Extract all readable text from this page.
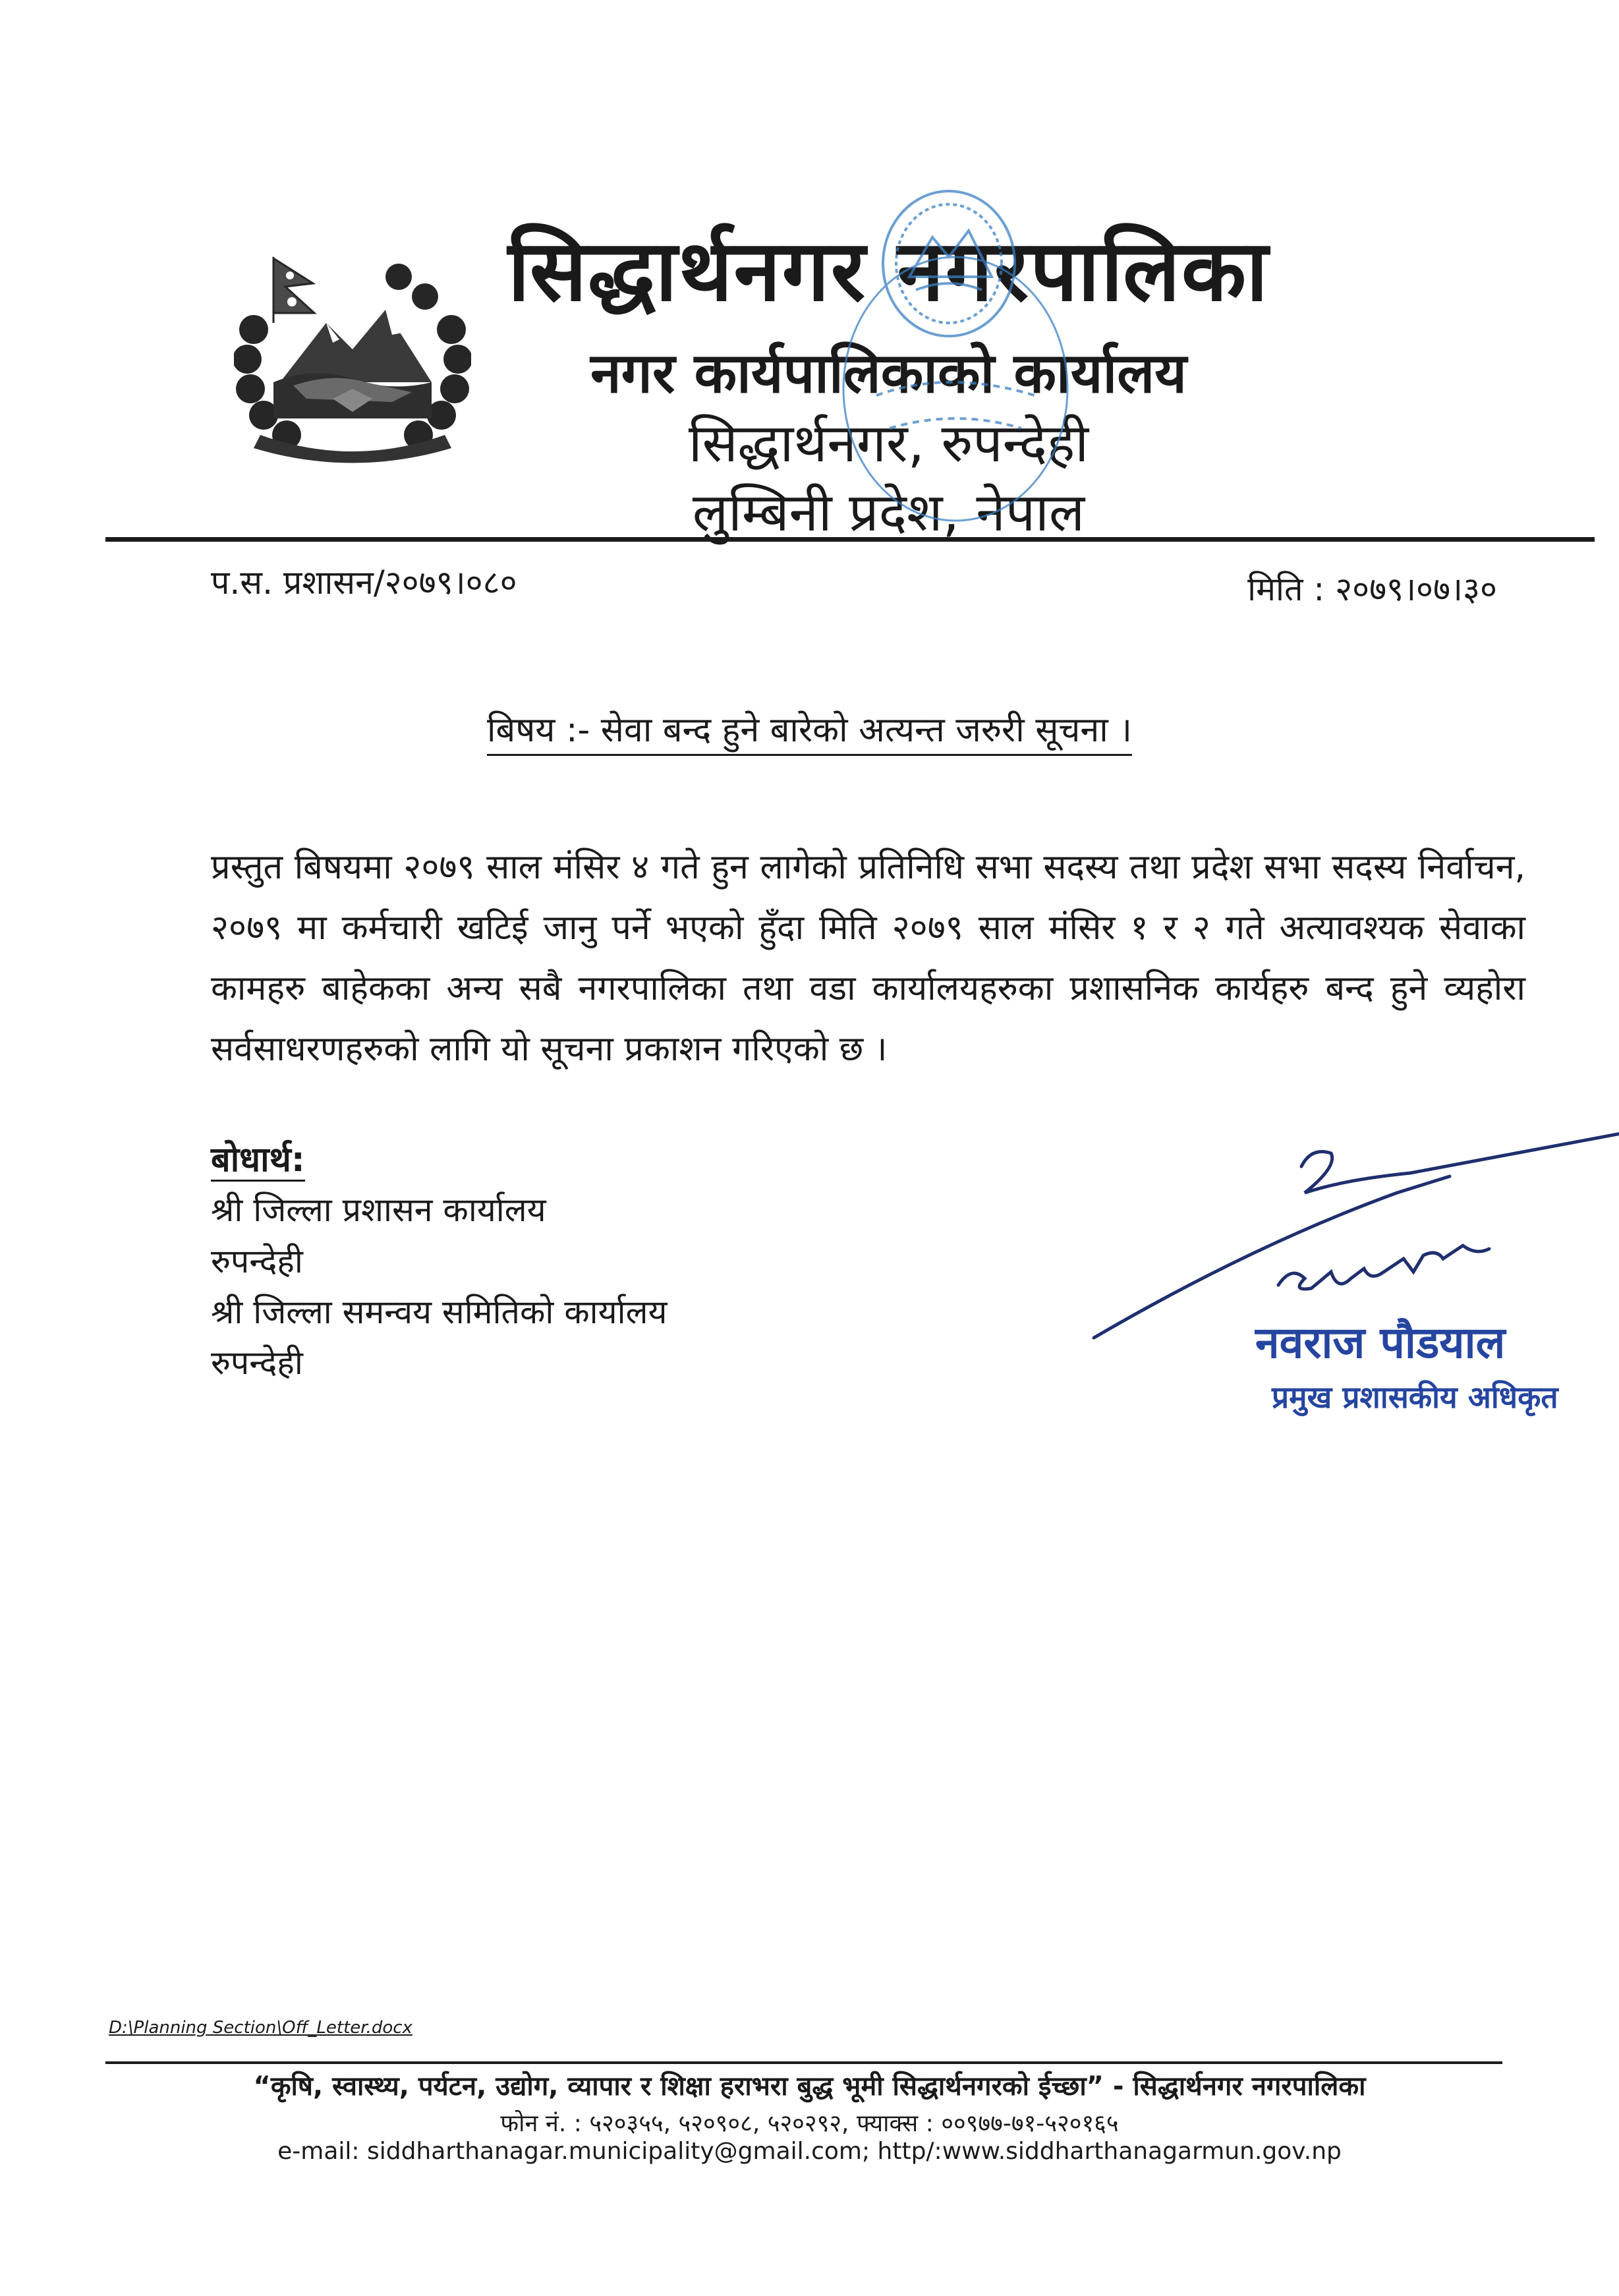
सिद्धार्थनगर नगरपालिका
नगर कार्यपालिकाको कार्यालय
सिद्धार्थनगर, रुपन्देही
लुम्बिनी प्रदेश, नेपाल
प.स. प्रशासन/२०७९।०८०	मिति : २०७९।०७।३०
बिषय :- सेवा बन्द हुने बारेको अत्यन्त जरुरी सूचना ।
प्रस्तुत बिषयमा २०७९ साल मंसिर ४ गते हुन लागेको प्रतिनिधि सभा सदस्य तथा प्रदेश सभा सदस्य निर्वाचन, २०७९ मा कर्मचारी खटिई जानु पर्ने भएको हुँदा मिति २०७९ साल मंसिर १ र २ गते अत्यावश्यक सेवाका कामहरु बाहेकका अन्य सबै नगरपालिका तथा वडा कार्यालयहरुका प्रशासनिक कार्यहरु बन्द हुने व्यहोरा सर्वसाधरणहरुको लागि यो सूचना प्रकाशन गरिएको छ ।
बोधार्थ:
श्री जिल्ला प्रशासन कार्यालय
रुपन्देही
श्री जिल्ला समन्वय समितिको कार्यालय
रुपन्देही	नवराज पौडयाल
प्रमुख प्रशासकीय अधिकृत
D:\Planning Section\Off_Letter.docx
“कृषि, स्वास्थ्य, पर्यटन, उद्योग, व्यापार र शिक्षा हराभरा बुद्ध भूमी सिद्धार्थनगरको ईच्छा” - सिद्धार्थनगर नगरपालिका
फोन नं. : ५२०३५५, ५२०९०८, ५२०२९२, फ्याक्स : ००९७७-७१-५२०१६५
e-mail: siddharthanagar.municipality@gmail.com; http/:www.siddharthanagarmun.gov.np
